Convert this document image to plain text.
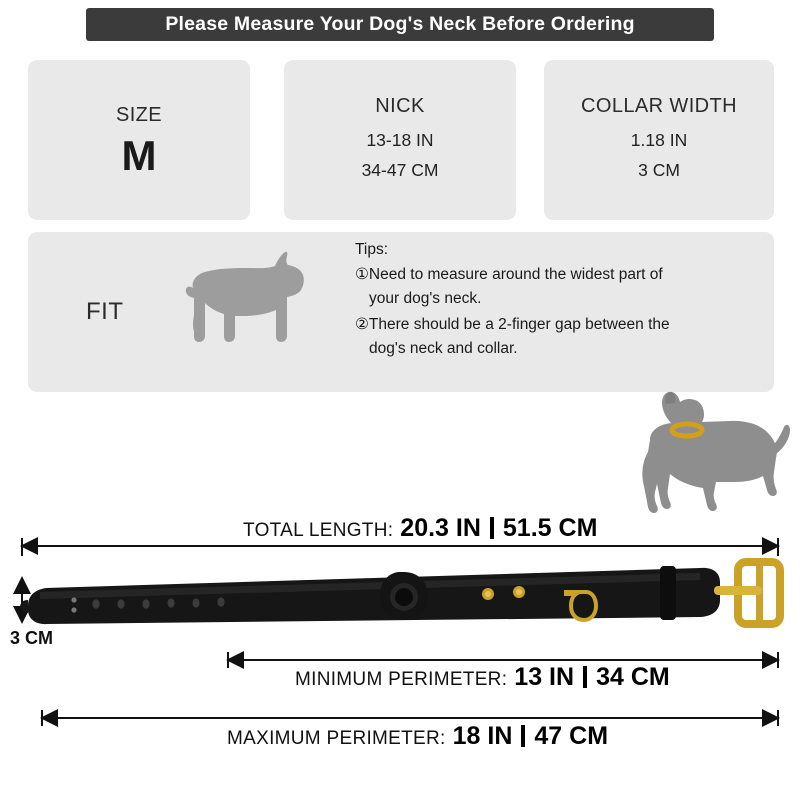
Please Measure Your Dog's Neck Before Ordering
SIZE
M
NICK
13-18 IN
34-47 CM
COLLAR WIDTH
1.18 IN
3 CM
FIT
Tips:
①Need to measure around the widest part of
your dog's neck.
②There should be a 2-finger gap between the
dog's neck and collar.
TOTAL LENGTH: 20.3 IN 51.5 CM
MINIMUM PERIMETER: 13 IN 34 CM
MAXIMUM PERIMETER: 18 IN 47 CM
3 CM
